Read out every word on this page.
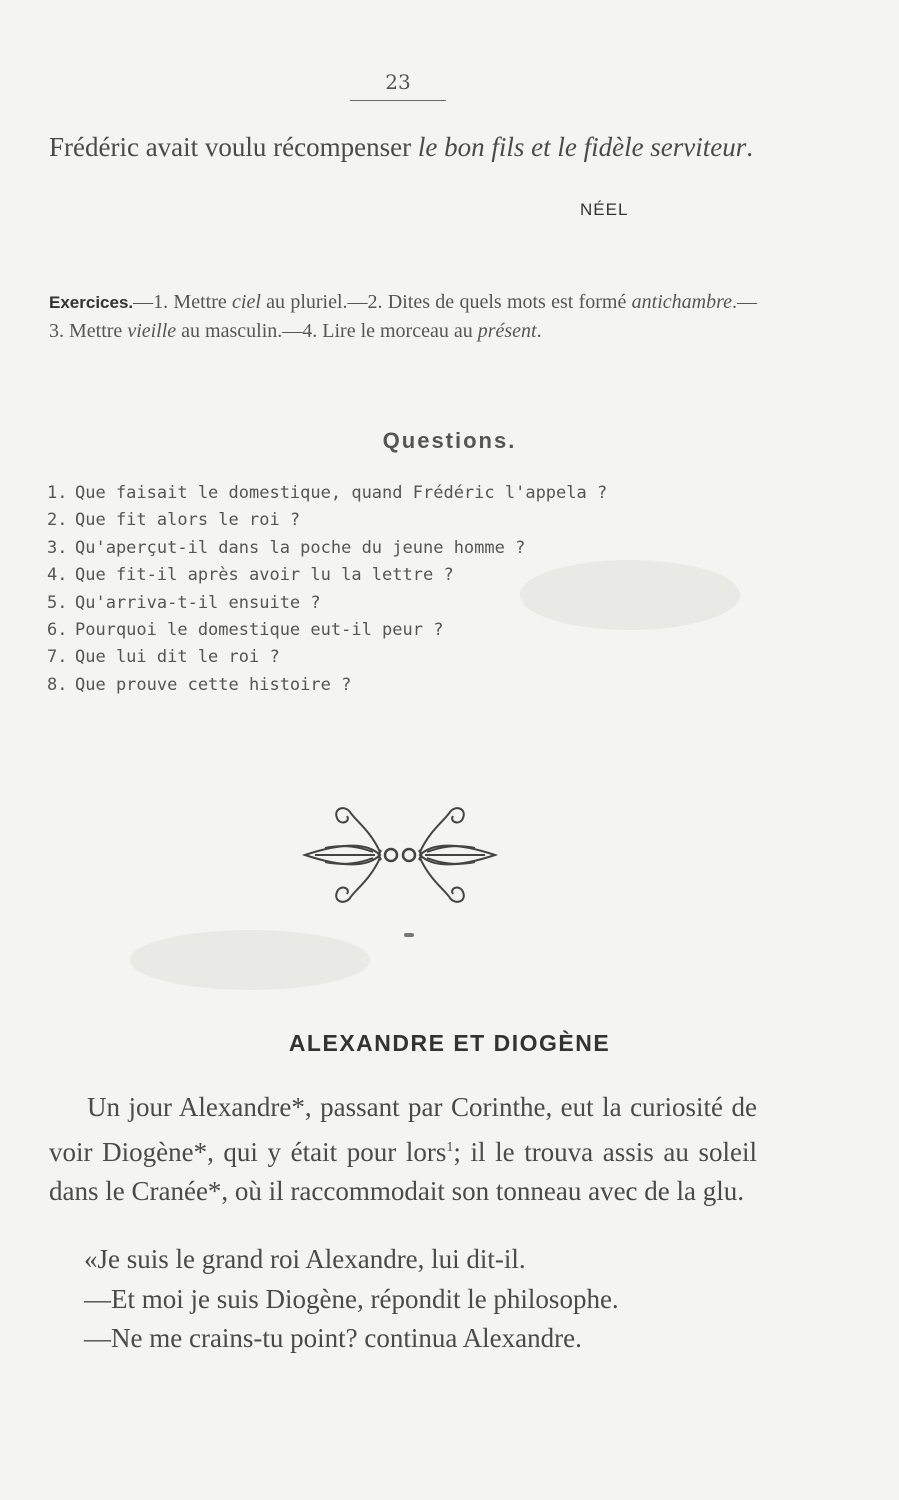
23
Frédéric avait voulu récompenser le bon fils et le fidèle serviteur.
NÉEL
Exercices.—1. Mettre ciel au pluriel.—2. Dites de quels mots est formé antichambre.—3. Mettre vieille au masculin.—4. Lire le morceau au présent.
Questions.
1. Que faisait le domestique, quand Frédéric l'appela ?
2. Que fit alors le roi ?
3. Qu'aperçut-il dans la poche du jeune homme ?
4. Que fit-il après avoir lu la lettre ?
5. Qu'arriva-t-il ensuite ?
6. Pourquoi le domestique eut-il peur ?
7. Que lui dit le roi ?
8. Que prouve cette histoire ?
ALEXANDRE ET DIOGÈNE
Un jour Alexandre*, passant par Corinthe, eut la curiosité de voir Diogène*, qui y était pour lors$^1$; il le trouva assis au soleil dans le Cranée*, où il raccommodait son tonneau avec de la glu.
«Je suis le grand roi Alexandre, lui dit-il.
—Et moi je suis Diogène, répondit le philosophe.
—Ne me crains-tu point? continua Alexandre.
